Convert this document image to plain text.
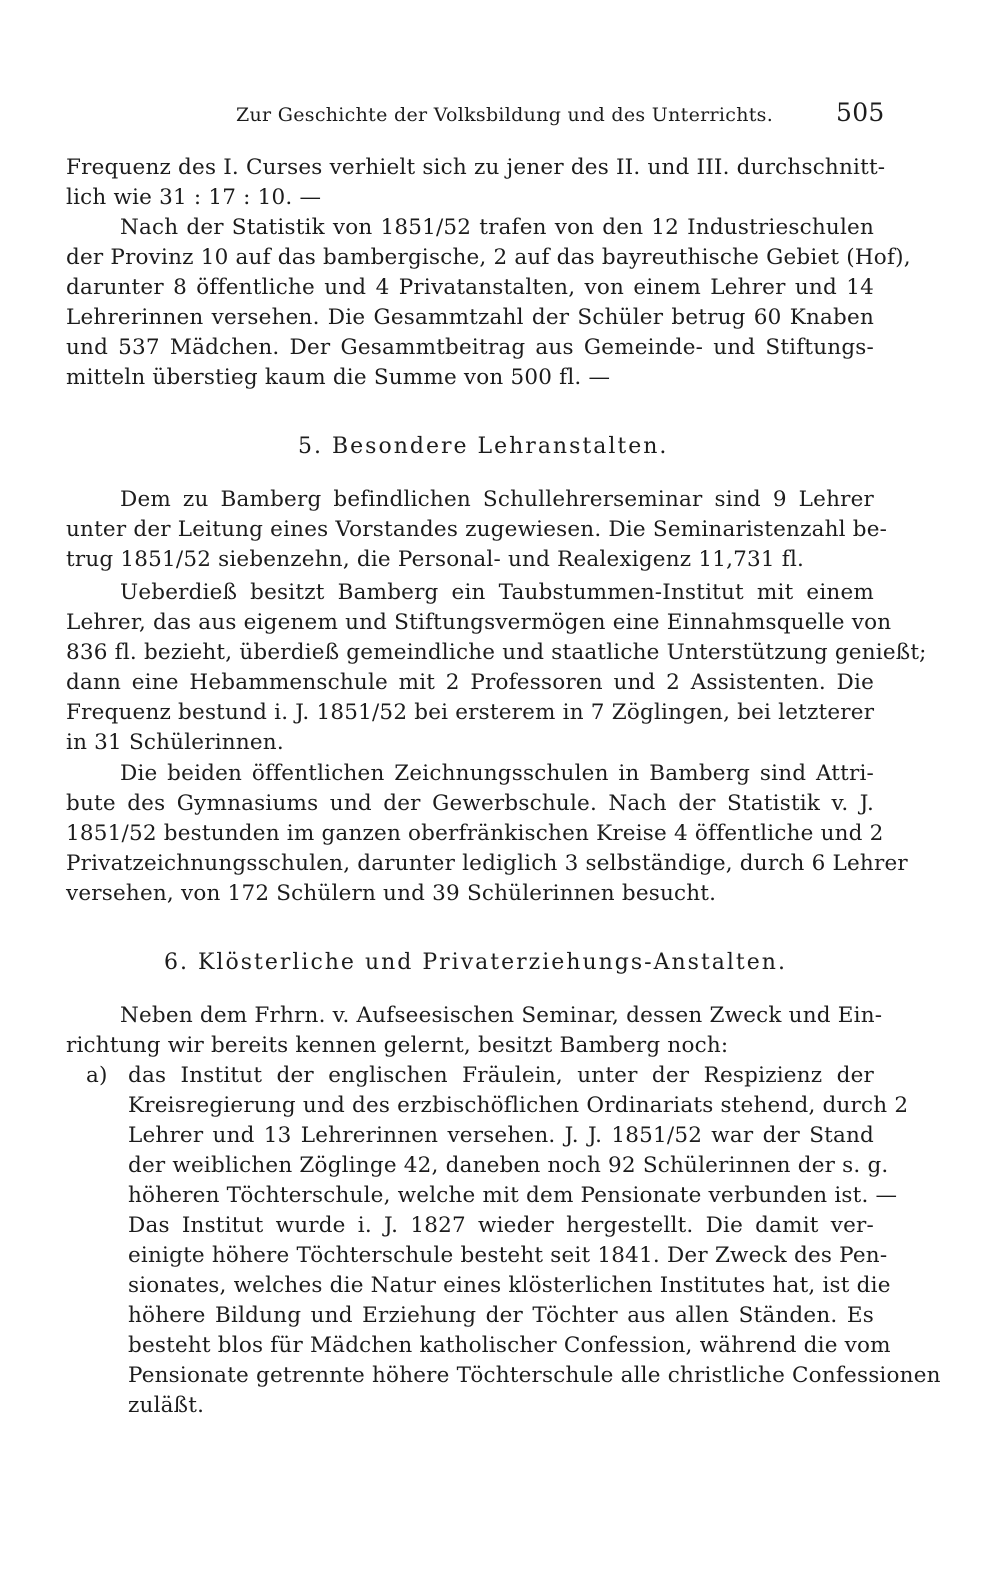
Zur Geschichte der Volksbildung und des Unterrichts.	505
Frequenz des I. Curses verhielt sich zu jener des II. und III. durchschnitt-
lich wie 31 : 17 : 10. —
Nach der Statistik von 1851/52 trafen von den 12 Industrieschulen
der Provinz 10 auf das bambergische, 2 auf das bayreuthische Gebiet (Hof),
darunter 8 öffentliche und 4 Privatanstalten, von einem Lehrer und 14
Lehrerinnen versehen. Die Gesammtzahl der Schüler betrug 60 Knaben
und 537 Mädchen. Der Gesammtbeitrag aus Gemeinde- und Stiftungs-
mitteln überstieg kaum die Summe von 500 fl. —
5. Besondere Lehranstalten.
Dem zu Bamberg befindlichen Schullehrerseminar sind 9 Lehrer
unter der Leitung eines Vorstandes zugewiesen. Die Seminaristenzahl be-
trug 1851/52 siebenzehn, die Personal- und Realexigenz 11,731 fl.
Ueberdieß besitzt Bamberg ein Taubstummen-Institut mit einem
Lehrer, das aus eigenem und Stiftungsvermögen eine Einnahmsquelle von
836 fl. bezieht, überdieß gemeindliche und staatliche Unterstützung genießt;
dann eine Hebammenschule mit 2 Professoren und 2 Assistenten. Die
Frequenz bestund i. J. 1851/52 bei ersterem in 7 Zöglingen, bei letzterer
in 31 Schülerinnen.
Die beiden öffentlichen Zeichnungsschulen in Bamberg sind Attri-
bute des Gymnasiums und der Gewerbschule. Nach der Statistik v. J.
1851/52 bestunden im ganzen oberfränkischen Kreise 4 öffentliche und 2
Privatzeichnungsschulen, darunter lediglich 3 selbständige, durch 6 Lehrer
versehen, von 172 Schülern und 39 Schülerinnen besucht.
6. Klösterliche und Privaterziehungs-Anstalten.
Neben dem Frhrn. v. Aufseesischen Seminar, dessen Zweck und Ein-
richtung wir bereits kennen gelernt, besitzt Bamberg noch:
a) das Institut der englischen Fräulein, unter der Respizienz der
Kreisregierung und des erzbischöflichen Ordinariats stehend, durch 2
Lehrer und 13 Lehrerinnen versehen. J. J. 1851/52 war der Stand
der weiblichen Zöglinge 42, daneben noch 92 Schülerinnen der s. g.
höheren Töchterschule, welche mit dem Pensionate verbunden ist. —
Das Institut wurde i. J. 1827 wieder hergestellt. Die damit ver-
einigte höhere Töchterschule besteht seit 1841. Der Zweck des Pen-
sionates, welches die Natur eines klösterlichen Institutes hat, ist die
höhere Bildung und Erziehung der Töchter aus allen Ständen. Es
besteht blos für Mädchen katholischer Confession, während die vom
Pensionate getrennte höhere Töchterschule alle christliche Confessionen
zuläßt.
